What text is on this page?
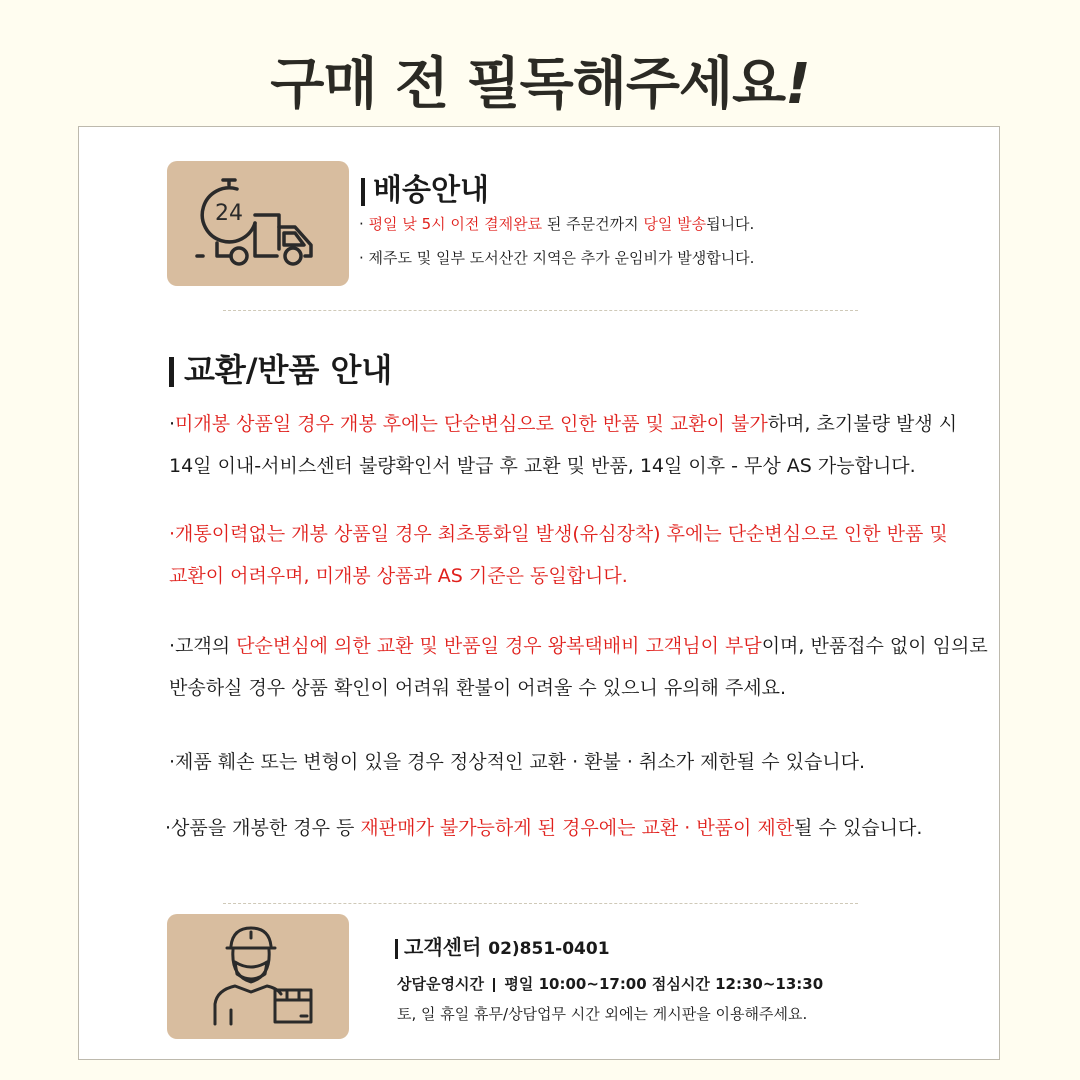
구매 전 필독해주세요!
24
배송안내
· 평일 낮 5시 이전 결제완료 된 주문건까지 당일 발송됩니다.
· 제주도 및 일부 도서산간 지역은 추가 운임비가 발생합니다.
교환/반품 안내
·미개봉 상품일 경우 개봉 후에는 단순변심으로 인한 반품 및 교환이 불가하며, 초기불량 발생 시
14일 이내-서비스센터 불량확인서 발급 후 교환 및 반품, 14일 이후 - 무상 AS 가능합니다.
·개통이력없는 개봉 상품일 경우 최초통화일 발생(유심장착) 후에는 단순변심으로 인한 반품 및
교환이 어려우며, 미개봉 상품과 AS 기준은 동일합니다.
·고객의 단순변심에 의한 교환 및 반품일 경우 왕복택배비 고객님이 부담이며, 반품접수 없이 임의로
반송하실 경우 상품 확인이 어려워 환불이 어려울 수 있으니 유의해 주세요.
·제품 훼손 또는 변형이 있을 경우 정상적인 교환 · 환불 · 취소가 제한될 수 있습니다.
·상품을 개봉한 경우 등 재판매가 불가능하게 된 경우에는 교환 · 반품이 제한될 수 있습니다.
고객센터 02)851-0401
상담운영시간 평일 10:00~17:00 점심시간 12:30~13:30
토, 일 휴일 휴무/상담업무 시간 외에는 게시판을 이용해주세요.
